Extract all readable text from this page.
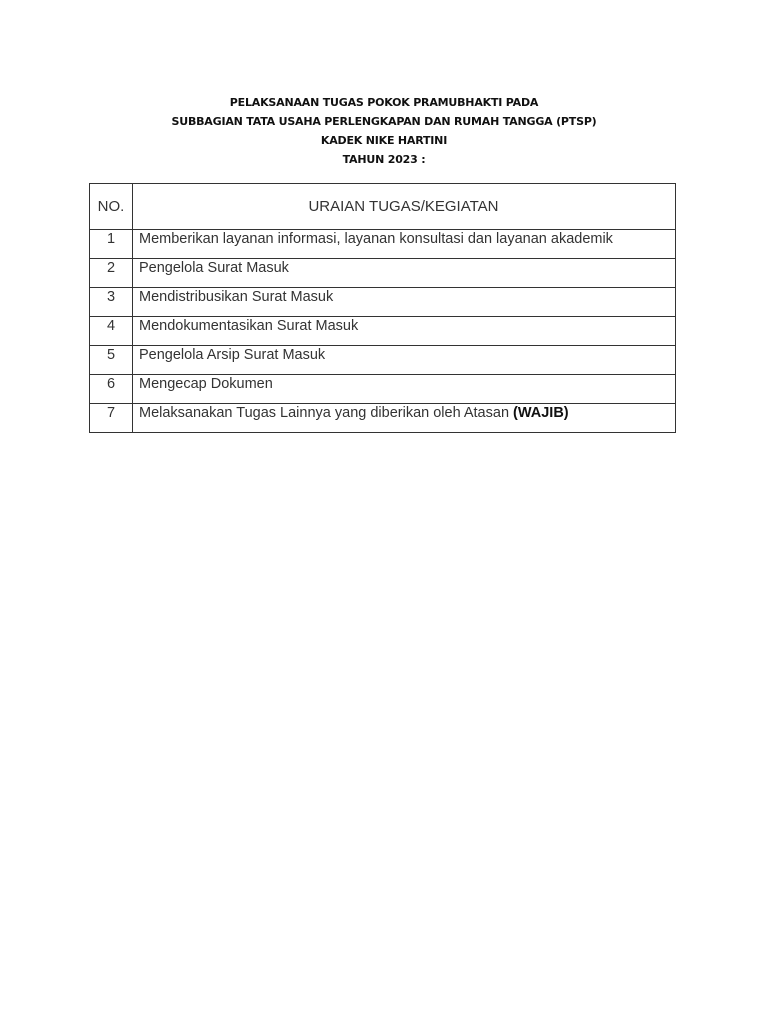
PELAKSANAAN TUGAS POKOK PRAMUBHAKTI PADA
SUBBAGIAN TATA USAHA PERLENGKAPAN DAN RUMAH TANGGA (PTSP)
KADEK NIKE HARTINI
TAHUN 2023 :
NO.	URAIAN TUGAS/KEGIATAN
1	Memberikan layanan informasi, layanan konsultasi dan layanan akademik
2	Pengelola Surat Masuk
3	Mendistribusikan Surat Masuk
4	Mendokumentasikan Surat Masuk
5	Pengelola Arsip Surat Masuk
6	Mengecap Dokumen
7	Melaksanakan Tugas Lainnya yang diberikan oleh Atasan (WAJIB)
